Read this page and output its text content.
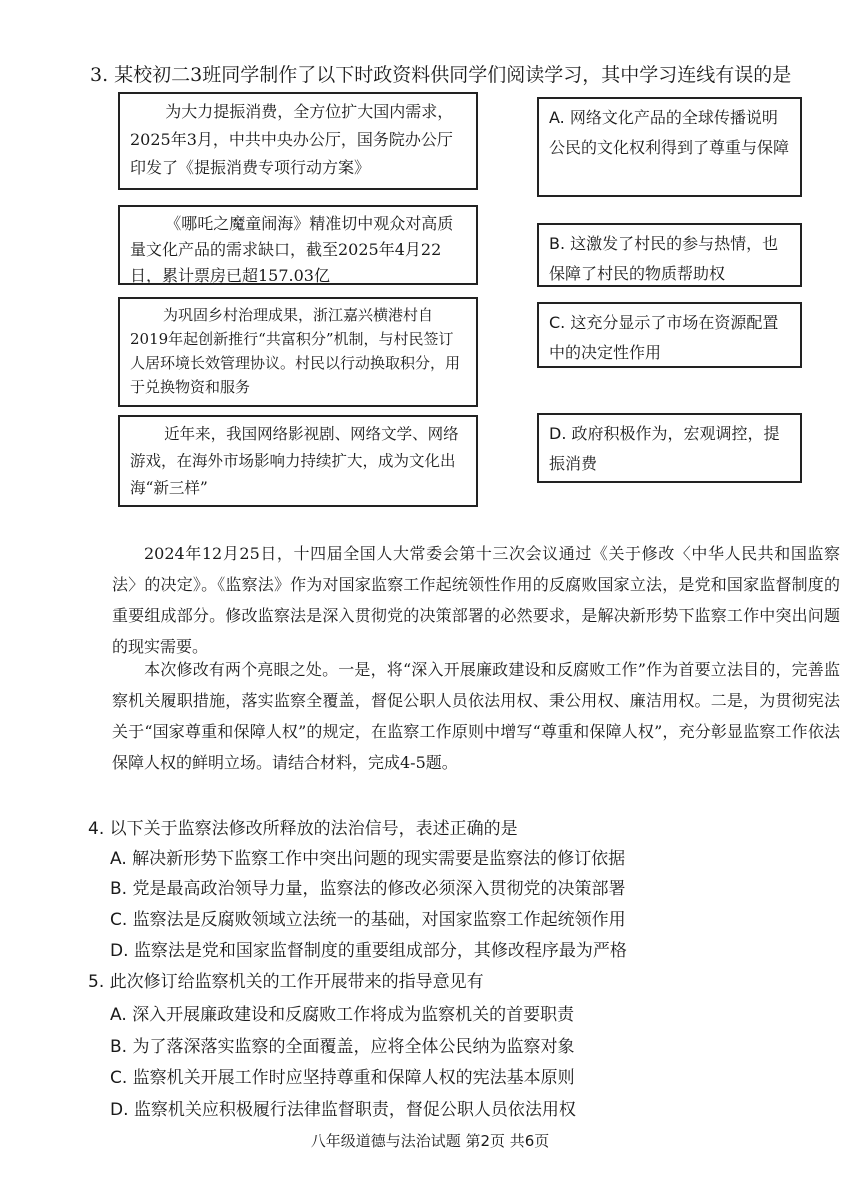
3. 某校初二3班同学制作了以下时政资料供同学们阅读学习，其中学习连线有误的是
为大力提振消费，全方位扩大国内需求，2025年3月，中共中央办公厅，国务院办公厅印发了《提振消费专项行动方案》
《哪吒之魔童闹海》精准切中观众对高质量文化产品的需求缺口，截至2025年4月22日，累计票房已超157.03亿
为巩固乡村治理成果，浙江嘉兴横港村自2019年起创新推行“共富积分”机制，与村民签订人居环境长效管理协议。村民以行动换取积分，用于兑换物资和服务
近年来，我国网络影视剧、网络文学、网络游戏，在海外市场影响力持续扩大，成为文化出海“新三样”
A. 网络文化产品的全球传播说明公民的文化权利得到了尊重与保障
B. 这激发了村民的参与热情，也保障了村民的物质帮助权
C. 这充分显示了市场在资源配置中的决定性作用
D. 政府积极作为，宏观调控，提振消费
2024年12月25日，十四届全国人大常委会第十三次会议通过《关于修改〈中华人民共和国监察法〉的决定》。《监察法》作为对国家监察工作起统领性作用的反腐败国家立法，是党和国家监督制度的重要组成部分。修改监察法是深入贯彻党的决策部署的必然要求，是解决新形势下监察工作中突出问题的现实需要。
本次修改有两个亮眼之处。一是，将“深入开展廉政建设和反腐败工作”作为首要立法目的，完善监察机关履职措施，落实监察全覆盖，督促公职人员依法用权、秉公用权、廉洁用权。二是，为贯彻宪法关于“国家尊重和保障人权”的规定，在监察工作原则中增写“尊重和保障人权”，充分彰显监察工作依法保障人权的鲜明立场。请结合材料，完成4-5题。
4. 以下关于监察法修改所释放的法治信号，表述正确的是
A. 解决新形势下监察工作中突出问题的现实需要是监察法的修订依据
B. 党是最高政治领导力量，监察法的修改必须深入贯彻党的决策部署
C. 监察法是反腐败领域立法统一的基础，对国家监察工作起统领作用
D. 监察法是党和国家监督制度的重要组成部分，其修改程序最为严格
5. 此次修订给监察机关的工作开展带来的指导意见有
A. 深入开展廉政建设和反腐败工作将成为监察机关的首要职责
B. 为了落深落实监察的全面覆盖，应将全体公民纳为监察对象
C. 监察机关开展工作时应坚持尊重和保障人权的宪法基本原则
D. 监察机关应积极履行法律监督职责，督促公职人员依法用权
八年级道德与法治试题 第2页 共6页
